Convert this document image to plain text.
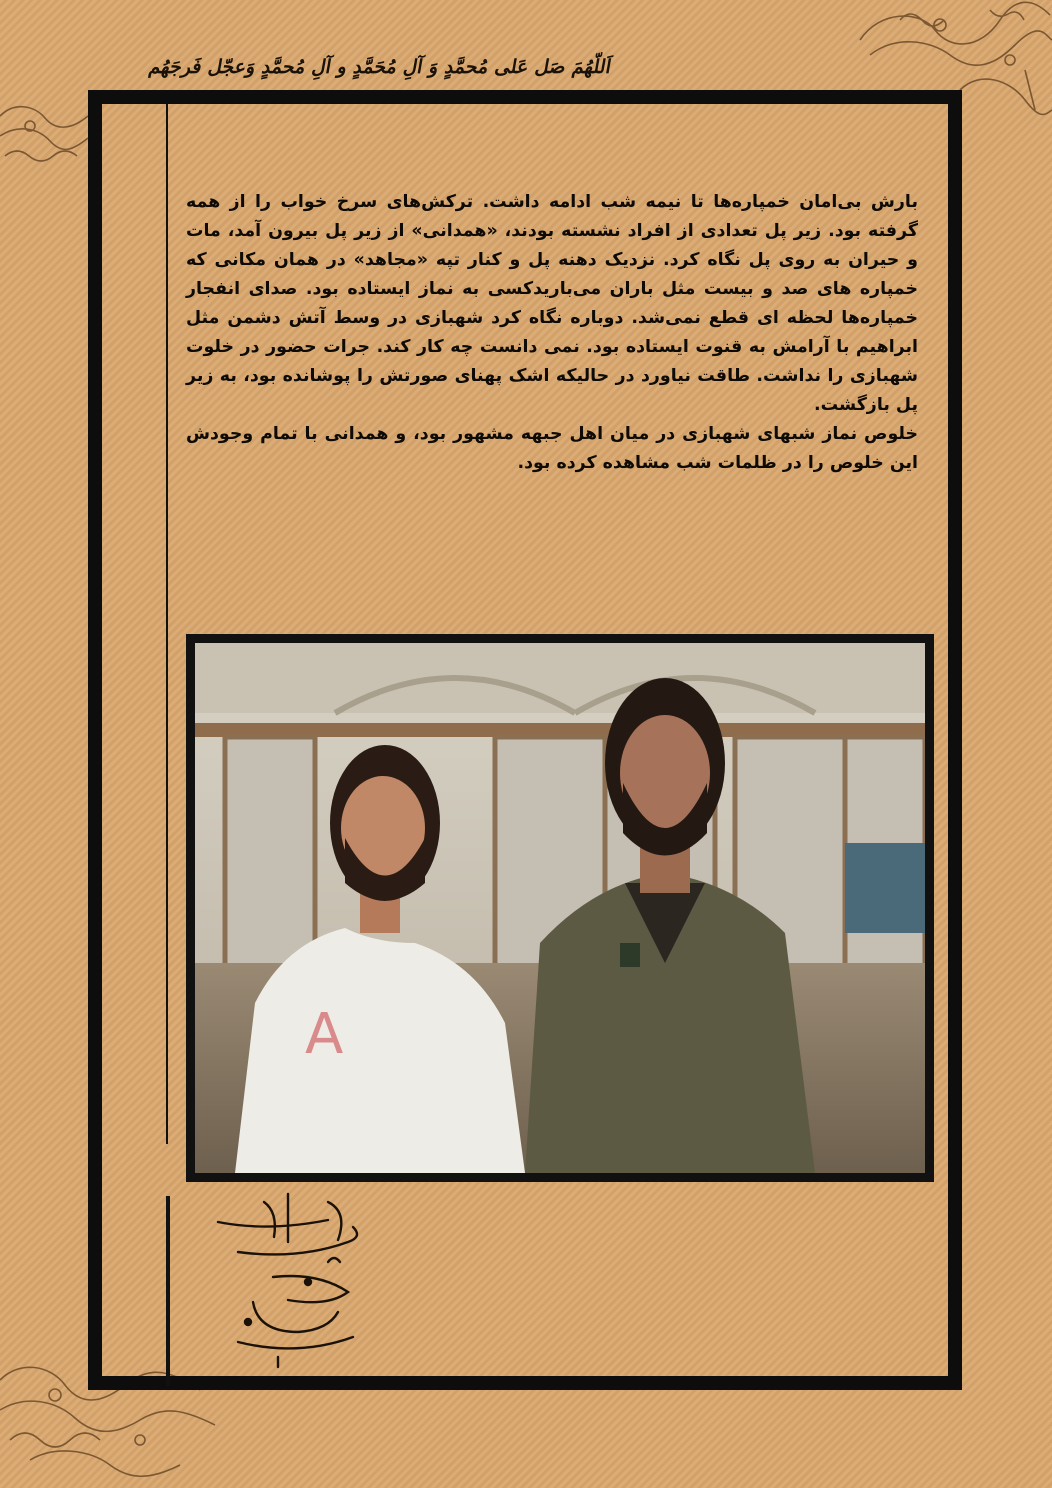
اَللّهُمَ صَل عَلی مُحمَّدٍ وَ آلِ مُحَمَّدٍ و آلِ مُحمَّدٍ وَعجّل فَرجَهُم

بارش بی‌امان خمپاره‌ها تا نیمه شب ادامه داشت. ترکش‌های سرخ خواب را از همه گرفته بود. زیر پل تعدادی از افراد نشسته بودند، «همدانی» از زیر پل بیرون آمد، مات و حیران به روی پل نگاه کرد. نزدیک دهنه پل و کنار تپه «مجاهد» در همان مکانی که خمپاره های صد و بیست مثل باران می‌باریدکسی به نماز ایستاده بود. صدای انفجار خمپاره‌ها لحظه ای قطع نمی‌شد. دوباره نگاه کرد شهبازی در وسط آتش دشمن مثل ابراهیم با آرامش به قنوت ایستاده بود. نمی دانست چه کار کند. جرات حضور در خلوت شهبازی را نداشت. طاقت نیاورد در حالیکه اشک پهنای صورتش را پوشانده بود، به زیر پل بازگشت.

خلوص نماز شبهای شهبازی در میان اهل جبهه مشهور بود، و همدانی با تمام وجودش این خلوص را در ظلمات شب مشاهده کرده بود.

A
